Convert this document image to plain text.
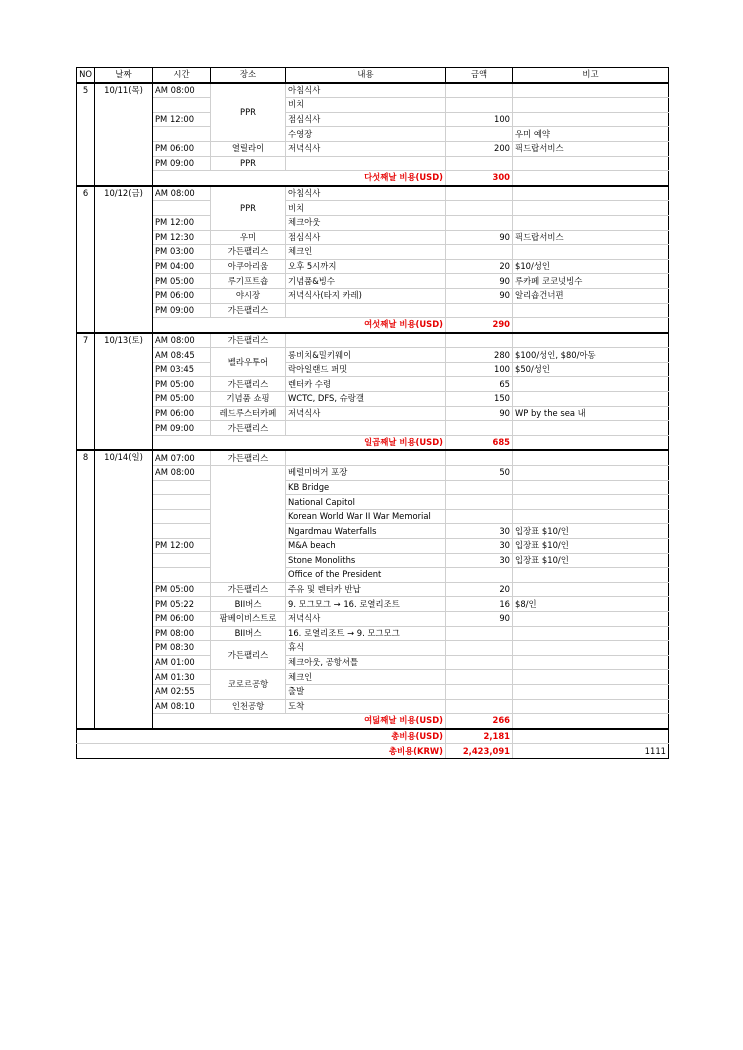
NO	날짜	시간	장소	내용	금액	비고
5	10/11(목)	AM 08:00	PPR	아침식사		
				비치		
		PM 12:00		점심식사	100	
				수영장		우미 예약
		PM 06:00	열릴라이	저녁식사	200	픽드랍서비스
		PM 09:00	PPR			
		다섯째날 비용(USD)			300	
6	10/12(금)	AM 08:00	PPR	아침식사		
				비치		
		PM 12:00		체크아웃		
		PM 12:30	우미	점심식사	90	픽드랍서비스
		PM 03:00	가든팰리스	체크인		
		PM 04:00	아쿠아리움	오후 5시까지	20	$10/성인
		PM 05:00	루기프트숍	기념품&빙수	90	루카페 코코넛빙수
		PM 06:00	야시장	저녁식사(타지 카레)	90	알리숍건너편
		PM 09:00	가든팰리스			
		여섯째날 비용(USD)			290	
7	10/13(토)	AM 08:00	가든팰리스			
		AM 08:45	벨라우투어	롱비치&밀키웨이	280	$100/성인, $80/아동
		PM 03:45		락아일랜드 퍼밋	100	$50/성인
		PM 05:00	가든팰리스	렌터카 수령	65	
		PM 05:00	기념품 쇼핑	WCTC, DFS, 슈랑갤	150	
		PM 06:00	레드루스터카페	저녁식사	90	WP by the sea 내
		PM 09:00	가든팰리스			
		일곱째날 비용(USD)			685	
8	10/14(일)	AM 07:00	가든팰리스			
		AM 08:00		베럴미버거 포장	50	
				KB Bridge		
				National Capitol		
				Korean World War II War Memorial		
				Ngardmau Waterfalls	30	입장표 $10/인
		PM 12:00		M&A beach	30	입장표 $10/인
				Stone Monoliths	30	입장표 $10/인
				Office of the President		
		PM 05:00	가든팰리스	주유 및 렌터카 반납	20	
		PM 05:22	BII버스	9. 모그모그 → 16. 로열리조트	16	$8/인
		PM 06:00	팜베이비스트로	저녁식사	90	
		PM 08:00	BII버스	16. 로열리조트 → 9. 모그모그		
		PM 08:30	가든팰리스	휴식		
		AM 01:00		체크아웃, 공항셔틀		
		AM 01:30	코로르공항	체크인		
		AM 02:55		출발		
		AM 08:10	인천공항	도착		
		여덟째날 비용(USD)			266	
총비용(USD)					2,181	
총비용(KRW)					2,423,091	1111
